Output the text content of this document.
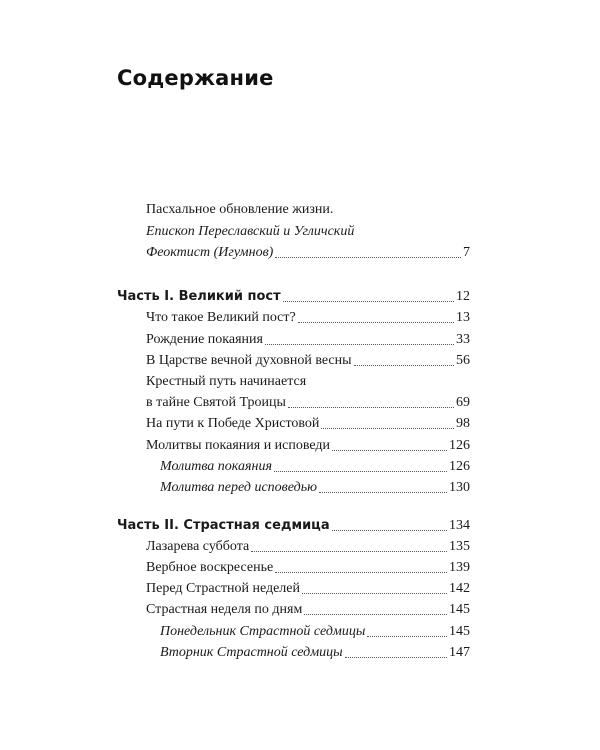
Содержание
Пасхальное обновление жизни.
Епископ Переславский и Угличский
Феоктист (Игумнов)	7
Часть I. Великий пост	12
Что такое Великий пост?	13
Рождение покаяния	33
В Царстве вечной духовной весны	56
Крестный путь начинается
в тайне Святой Троицы	69
На пути к Победе Христовой	98
Молитвы покаяния и исповеди	126
Молитва покаяния	126
Молитва перед исповедью	130
Часть II. Страстная седмица	134
Лазарева суббота	135
Вербное воскресенье	139
Перед Страстной неделей	142
Страстная неделя по дням	145
Понедельник Страстной седмицы	145
Вторник Страстной седмицы	147
